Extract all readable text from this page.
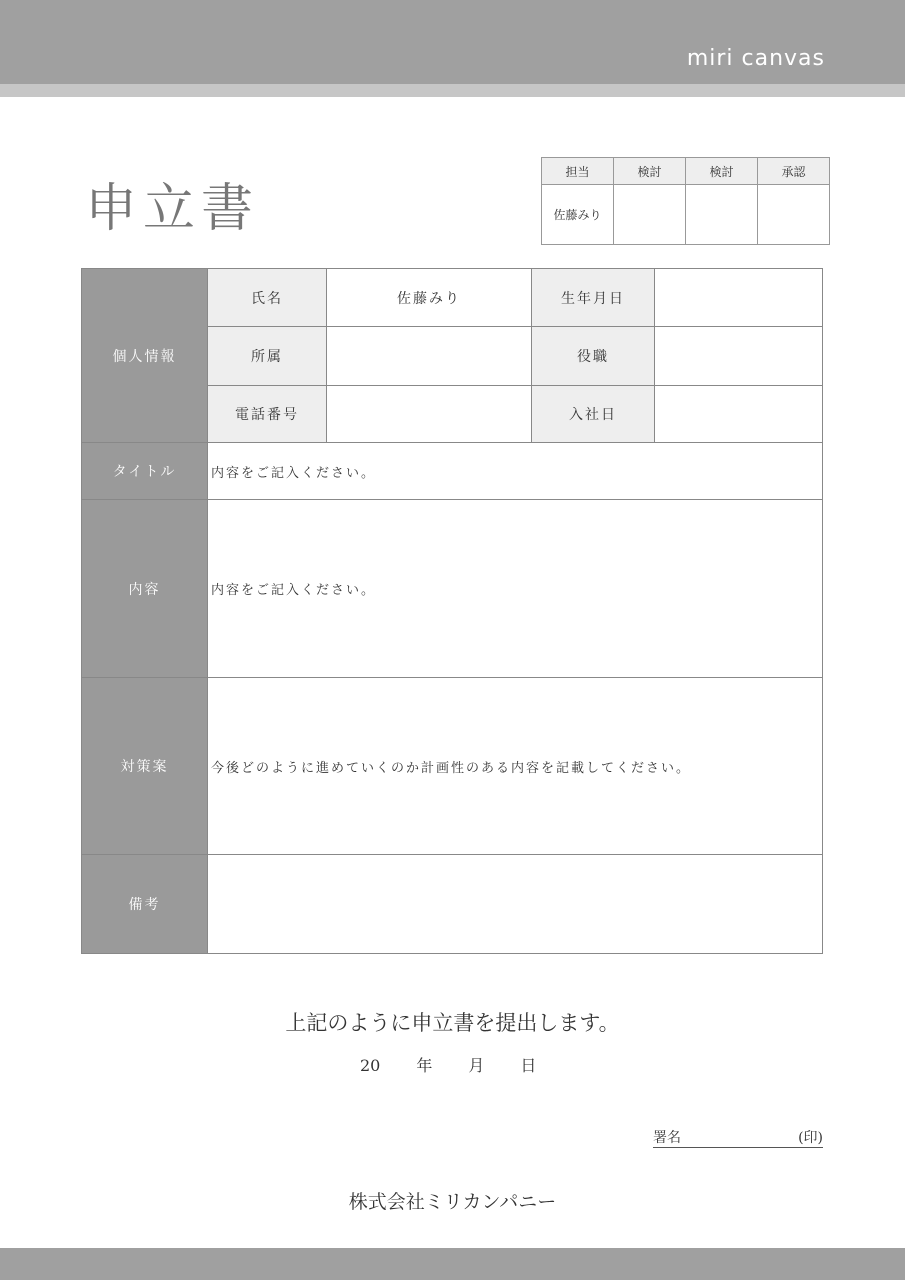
miri canvas
申立書
担当	検討	検討	承認
佐藤みり			
個人情報	氏名	佐藤みり	生年月日	
	所属		役職	
	電話番号		入社日	
タイトル	内容をご記入ください。			
内容	内容をご記入ください。			
対策案	今後どのように進めていくのか計画性のある内容を記載してください。			
備考				
上記のように申立書を提出します。
20 年 月 日
署名	(印)
株式会社ミリカンパニー
